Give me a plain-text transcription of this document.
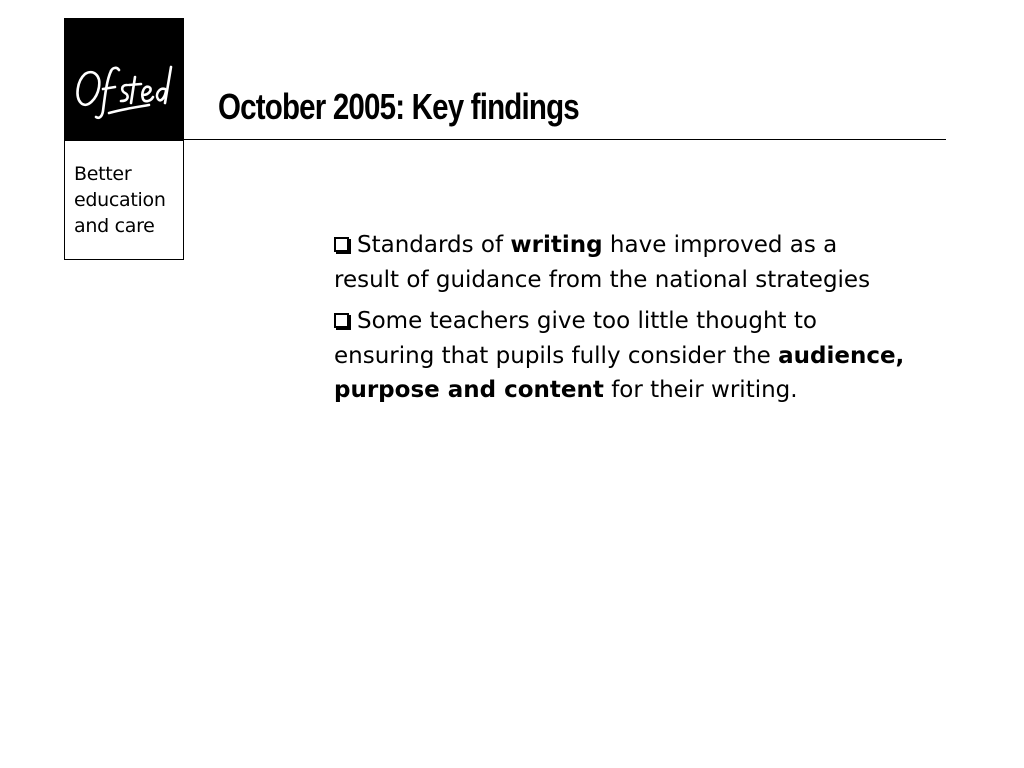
Better
education
and care
October 2005: Key findings

Standards of writing have improved as a result of guidance from the national strategies

Some teachers give too little thought to ensuring that pupils fully consider the audience, purpose and content for their writing.
